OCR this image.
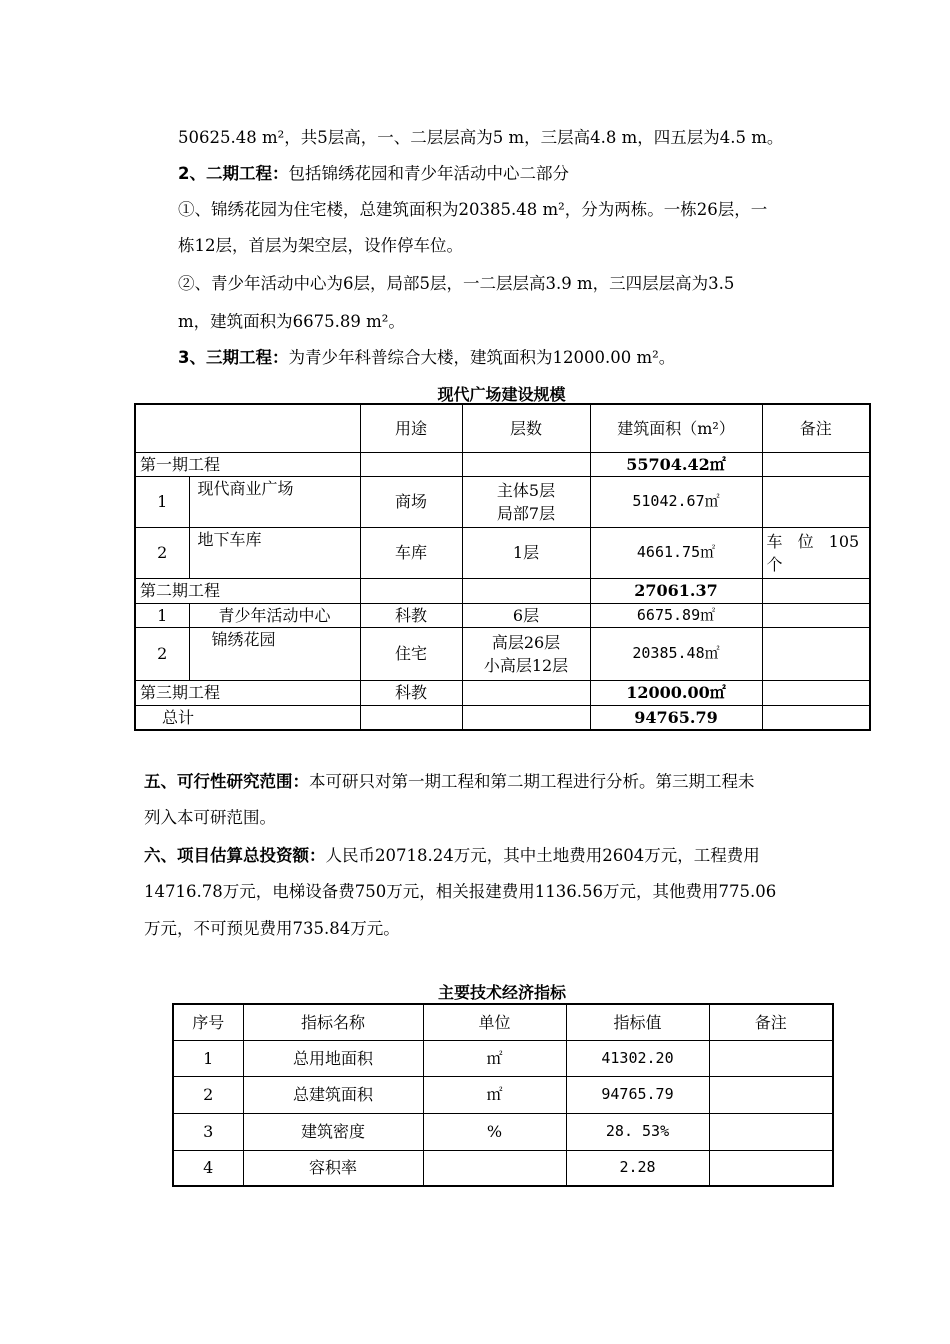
50625.48 m²，共5层高，一、二层层高为5 m，三层高4.8 m，四五层为4.5 m。
2、二期工程：包括锦绣花园和青少年活动中心二部分
①、锦绣花园为住宅楼，总建筑面积为20385.48 m²，分为两栋。一栋26层，一
栋12层，首层为架空层，设作停车位。
②、青少年活动中心为6层，局部5层，一二层层高3.9 m，三四层层高为3.5
m，建筑面积为6675.89 m²。
3、三期工程：为青少年科普综合大楼，建筑面积为12000.00 m²。
现代广场建设规模
		用途	层数	建筑面积（m²）	备注
第一期工程				55704.42㎡	
1	现代商业广场	商场	主体5层
局部7层	51042.67㎡	
2	地下车库	车库	1层	4661.75㎡	车 位 105个
第二期工程				27061.37	
1	青少年活动中心	科教	6层	6675.89㎡	
2	锦绣花园	住宅	高层26层
小高层12层	20385.48㎡	
第三期工程		科教		12000.00㎡	
总计				94765.79	
五、可行性研究范围：本可研只对第一期工程和第二期工程进行分析。第三期工程未
列入本可研范围。
六、项目估算总投资额：人民币20718.24万元，其中土地费用2604万元，工程费用
14716.78万元，电梯设备费750万元，相关报建费用1136.56万元，其他费用775.06
万元，不可预见费用735.84万元。
主要技术经济指标
序号	指标名称	单位	指标值	备注
1	总用地面积	㎡	41302.20	
2	总建筑面积	㎡	94765.79	
3	建筑密度	%	28. 53%	
4	容积率		2.28	
